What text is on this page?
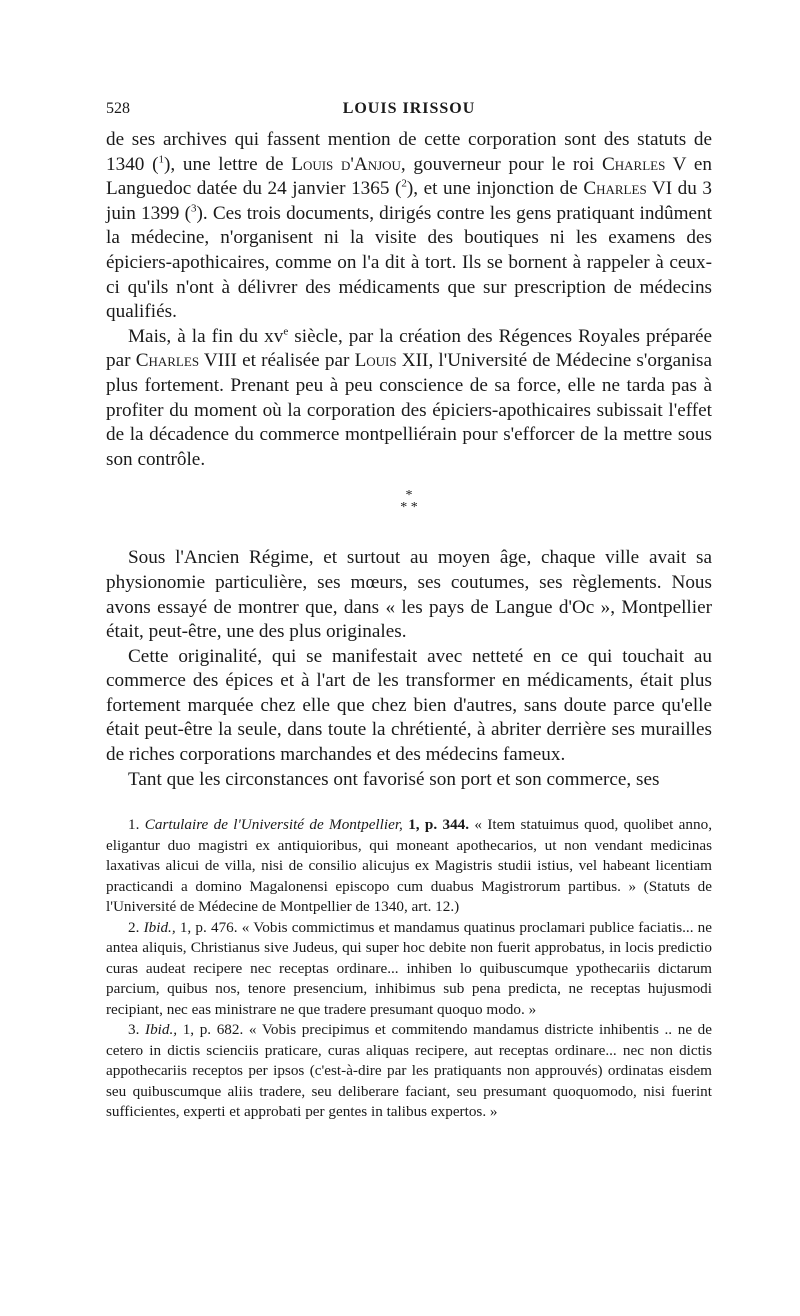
528	LOUIS IRISSOU

de ses archives qui fassent mention de cette corporation sont des statuts de 1340 ($^1$), une lettre de Louis d'Anjou, gouverneur pour le roi Charles V en Languedoc datée du 24 janvier 1365 ($^2$), et une injonction de Charles VI du 3 juin 1399 ($^3$). Ces trois documents, dirigés contre les gens pratiquant indûment la médecine, n'organisent ni la visite des boutiques ni les examens des épiciers-apothicaires, comme on l'a dit à tort. Ils se bornent à rappeler à ceux-ci qu'ils n'ont à délivrer des médicaments que sur prescription de médecins qualifiés.

Mais, à la fin du $xv^e$ siècle, par la création des Régences Royales préparée par Charles VIII et réalisée par Louis XII, l'Université de Médecine s'organisa plus fortement. Prenant peu à peu conscience de sa force, elle ne tarda pas à profiter du moment où la corporation des épiciers-apothicaires subissait l'effet de la décadence du commerce montpelliérain pour s'efforcer de la mettre sous son contrôle.

*
* *

Sous l'Ancien Régime, et surtout au moyen âge, chaque ville avait sa physionomie particulière, ses mœurs, ses coutumes, ses règlements. Nous avons essayé de montrer que, dans « les pays de Langue d'Oc », Montpellier était, peut-être, une des plus originales.

Cette originalité, qui se manifestait avec netteté en ce qui touchait au commerce des épices et à l'art de les transformer en médicaments, était plus fortement marquée chez elle que chez bien d'autres, sans doute parce qu'elle était peut-être la seule, dans toute la chrétienté, à abriter derrière ses murailles de riches corporations marchandes et des médecins fameux.

Tant que les circonstances ont favorisé son port et son commerce, ses

1. Cartulaire de l'Université de Montpellier, 1, p. 344. « Item statuimus quod, quolibet anno, eligantur duo magistri ex antiquioribus, qui moneant apothecarios, ut non vendant medicinas laxativas alicui de villa, nisi de consilio alicujus ex Magistris studii istius, vel habeant licentiam practicandi a domino Magalonensi episcopo cum duabus Magistrorum partibus. » (Statuts de l'Université de Médecine de Montpellier de 1340, art. 12.)

2. Ibid., 1, p. 476. « Vobis commictimus et mandamus quatinus proclamari publice faciatis... ne antea aliquis, Christianus sive Judeus, qui super hoc debite non fuerit approbatus, in locis predictio curas audeat recipere nec receptas ordinare... inhiben lo quibuscumque ypothecariis dictarum parcium, quibus nos, tenore presencium, inhibimus sub pena predicta, ne receptas hujusmodi recipiant, nec eas ministrare ne que tradere presumant quoquo modo. »

3. Ibid., 1, p. 682. « Vobis precipimus et commitendo mandamus districte inhibentis .. ne de cetero in dictis scienciis praticare, curas aliquas recipere, aut receptas ordinare... nec non dictis appothecariis receptos per ipsos (c'est-à-dire par les pratiquants non approuvés) ordinatas eisdem seu quibuscumque aliis tradere, seu deliberare faciant, seu presumant quoquomodo, nisi fuerint sufficientes, experti et approbati per gentes in talibus expertos. »
